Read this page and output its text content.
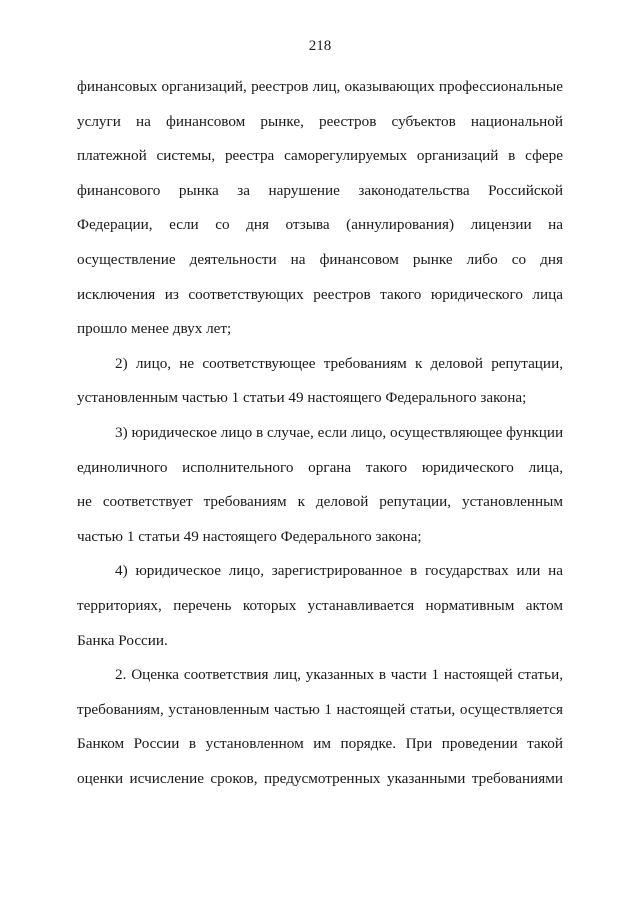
218
финансовых организаций, реестров лиц, оказывающих профессиональные
услуги на финансовом рынке, реестров субъектов национальной
платежной системы, реестра саморегулируемых организаций в сфере
финансового рынка за нарушение законодательства Российской
Федерации, если со дня отзыва (аннулирования) лицензии на
осуществление деятельности на финансовом рынке либо со дня
исключения из соответствующих реестров такого юридического лица
прошло менее двух лет;
2) лицо, не соответствующее требованиям к деловой репутации,
установленным частью 1 статьи 49 настоящего Федерального закона;
3) юридическое лицо в случае, если лицо, осуществляющее функции
единоличного исполнительного органа такого юридического лица,
не соответствует требованиям к деловой репутации, установленным
частью 1 статьи 49 настоящего Федерального закона;
4) юридическое лицо, зарегистрированное в государствах или на
территориях, перечень которых устанавливается нормативным актом
Банка России.
2. Оценка соответствия лиц, указанных в части 1 настоящей статьи,
требованиям, установленным частью 1 настоящей статьи, осуществляется
Банком России в установленном им порядке. При проведении такой
оценки исчисление сроков, предусмотренных указанными требованиями
